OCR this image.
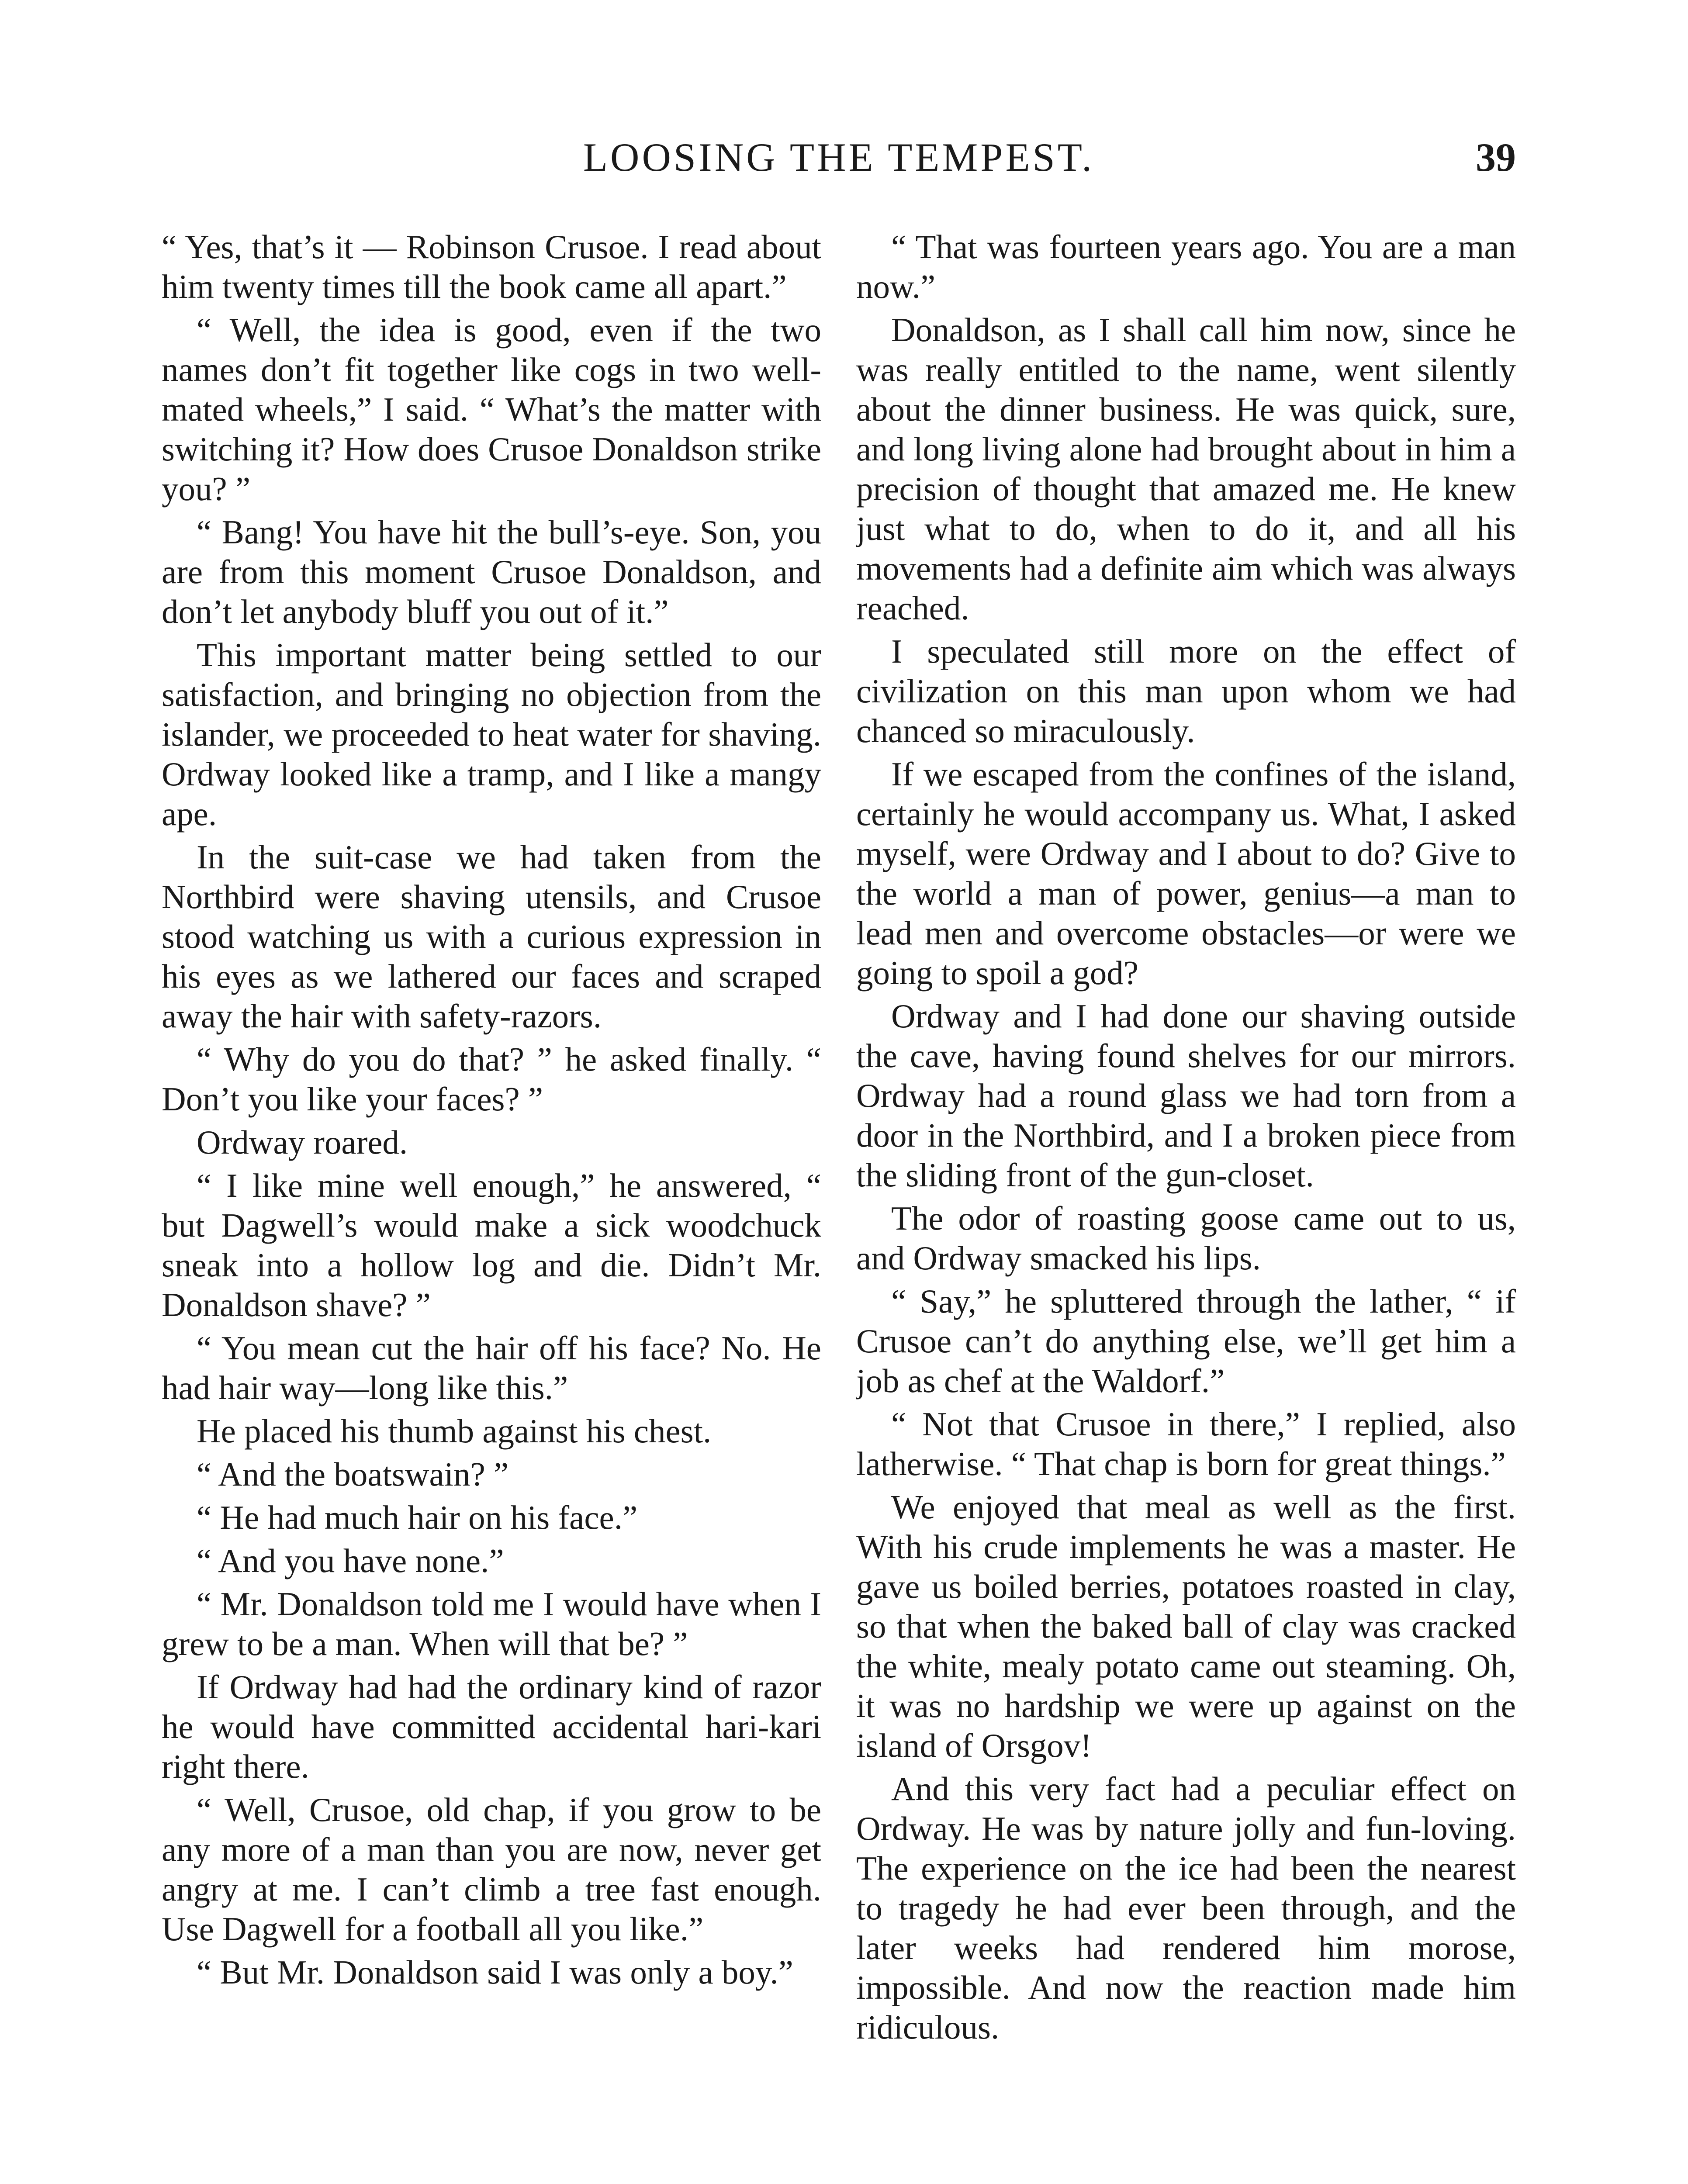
LOOSING THE TEMPEST.	39

“ Yes, that’s it — Robinson Crusoe. I read about him twenty times till the book came all apart.”

“ Well, the idea is good, even if the two names don’t fit together like cogs in two well-mated wheels,” I said. “ What’s the matter with switching it? How does Crusoe Donaldson strike you? ”

“ Bang! You have hit the bull’s-eye. Son, you are from this moment Crusoe Donaldson, and don’t let anybody bluff you out of it.”

This important matter being settled to our satisfaction, and bringing no objection from the islander, we proceeded to heat water for shaving. Ordway looked like a tramp, and I like a mangy ape.

In the suit-case we had taken from the Northbird were shaving utensils, and Crusoe stood watching us with a curious expression in his eyes as we lathered our faces and scraped away the hair with safety-razors.

“ Why do you do that? ” he asked finally. “ Don’t you like your faces? ”

Ordway roared.

“ I like mine well enough,” he answered, “ but Dagwell’s would make a sick woodchuck sneak into a hollow log and die. Didn’t Mr. Donaldson shave? ”

“ You mean cut the hair off his face? No. He had hair way—long like this.”

He placed his thumb against his chest.

“ And the boatswain? ”

“ He had much hair on his face.”

“ And you have none.”

“ Mr. Donaldson told me I would have when I grew to be a man. When will that be? ”

If Ordway had had the ordinary kind of razor he would have committed accidental hari-kari right there.

“ Well, Crusoe, old chap, if you grow to be any more of a man than you are now, never get angry at me. I can’t climb a tree fast enough. Use Dagwell for a football all you like.”

“ But Mr. Donaldson said I was only a boy.”

“ That was fourteen years ago. You are a man now.”

Donaldson, as I shall call him now, since he was really entitled to the name, went silently about the dinner business. He was quick, sure, and long living alone had brought about in him a precision of thought that amazed me. He knew just what to do, when to do it, and all his movements had a definite aim which was always reached.

I speculated still more on the effect of civilization on this man upon whom we had chanced so miraculously.

If we escaped from the confines of the island, certainly he would accompany us. What, I asked myself, were Ordway and I about to do? Give to the world a man of power, genius—a man to lead men and overcome obstacles—or were we going to spoil a god?

Ordway and I had done our shaving outside the cave, having found shelves for our mirrors. Ordway had a round glass we had torn from a door in the Northbird, and I a broken piece from the sliding front of the gun-closet.

The odor of roasting goose came out to us, and Ordway smacked his lips.

“ Say,” he spluttered through the lather, “ if Crusoe can’t do anything else, we’ll get him a job as chef at the Waldorf.”

“ Not that Crusoe in there,” I replied, also latherwise. “ That chap is born for great things.”

We enjoyed that meal as well as the first. With his crude implements he was a master. He gave us boiled berries, potatoes roasted in clay, so that when the baked ball of clay was cracked the white, mealy potato came out steaming. Oh, it was no hardship we were up against on the island of Orsgov!

And this very fact had a peculiar effect on Ordway. He was by nature jolly and fun-loving. The experience on the ice had been the nearest to tragedy he had ever been through, and the later weeks had rendered him morose, impossible. And now the reaction made him ridiculous.
